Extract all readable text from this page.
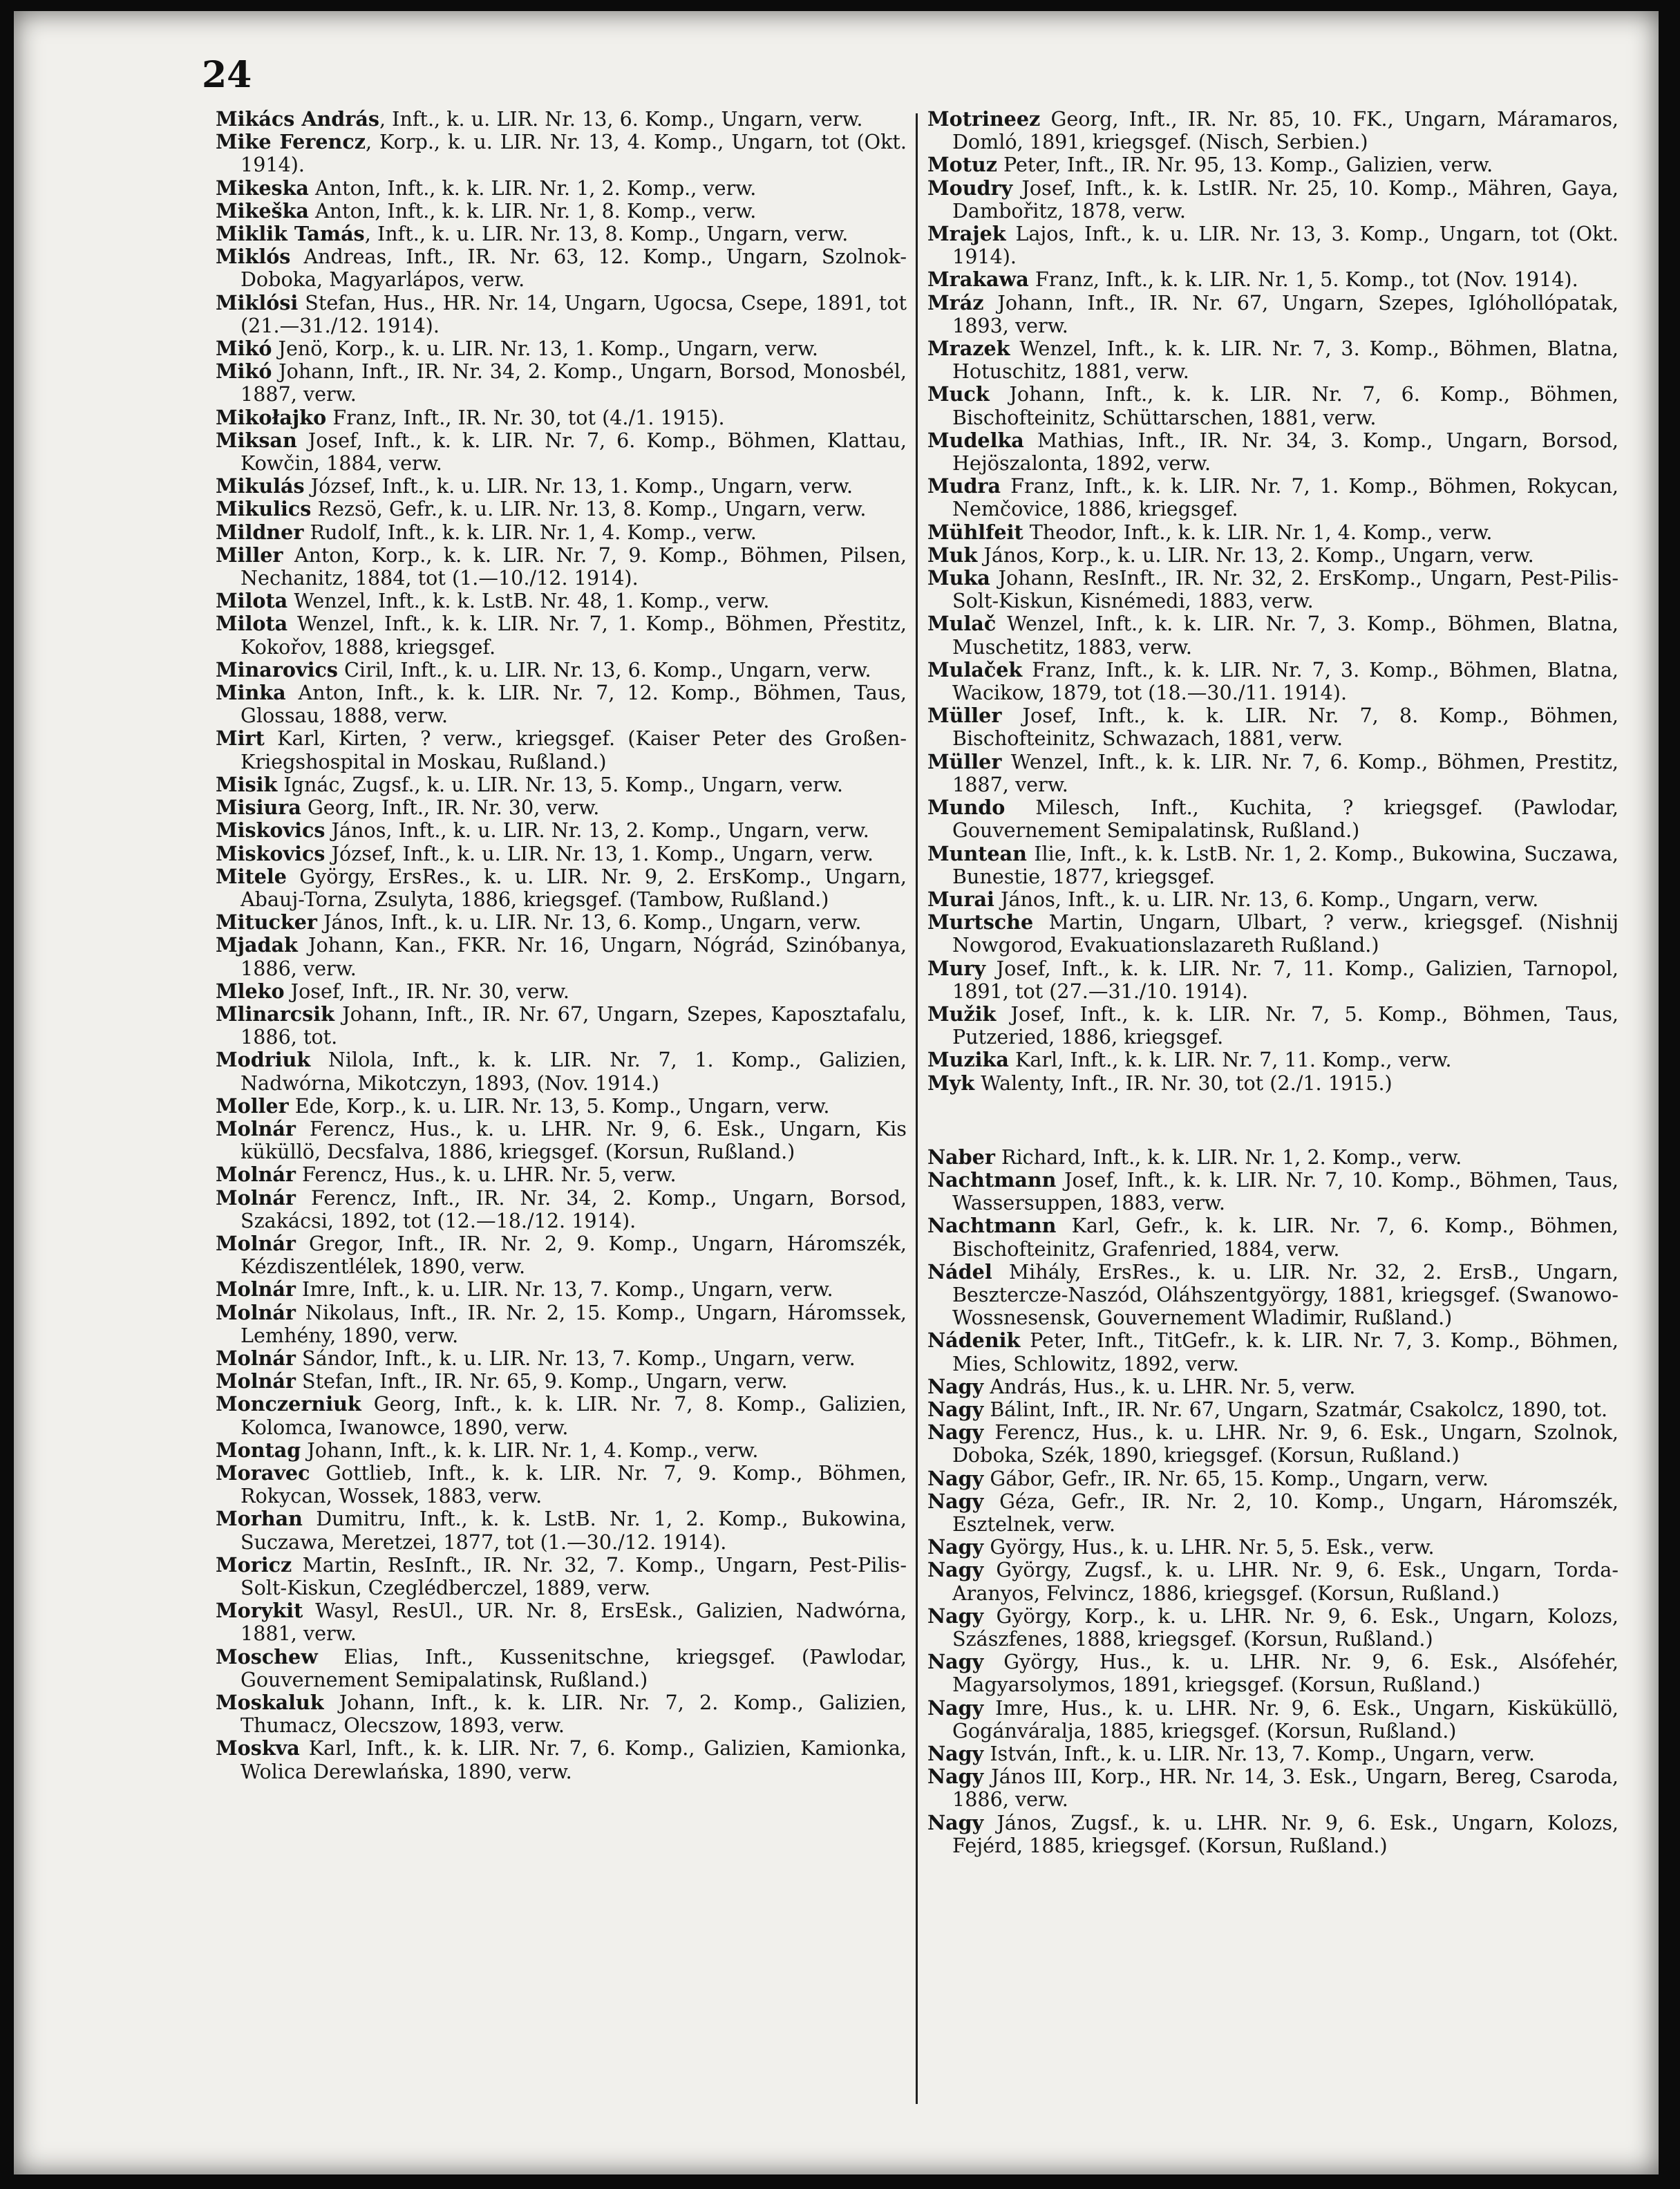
24

Mikács András, Inft., k. u. LIR. Nr. 13, 6. Komp., Ungarn, verw.

Mike Ferencz, Korp., k. u. LIR. Nr. 13, 4. Komp., Ungarn, tot (Okt. 1914).

Mikeska Anton, Inft., k. k. LIR. Nr. 1, 2. Komp., verw.

Mikeška Anton, Inft., k. k. LIR. Nr. 1, 8. Komp., verw.

Miklik Tamás, Inft., k. u. LIR. Nr. 13, 8. Komp., Ungarn, verw.

Miklós Andreas, Inft., IR. Nr. 63, 12. Komp., Ungarn, Szolnok-Doboka, Magyarlápos, verw.

Miklósi Stefan, Hus., HR. Nr. 14, Ungarn, Ugocsa, Csepe, 1891, tot (21.—31./12. 1914).

Mikó Jenö, Korp., k. u. LIR. Nr. 13, 1. Komp., Ungarn, verw.

Mikó Johann, Inft., IR. Nr. 34, 2. Komp., Ungarn, Borsod, Monosbél, 1887, verw.

Mikołajko Franz, Inft., IR. Nr. 30, tot (4./1. 1915).

Miksan Josef, Inft., k. k. LIR. Nr. 7, 6. Komp., Böhmen, Klattau, Kowčin, 1884, verw.

Mikulás József, Inft., k. u. LIR. Nr. 13, 1. Komp., Ungarn, verw.

Mikulics Rezsö, Gefr., k. u. LIR. Nr. 13, 8. Komp., Ungarn, verw.

Mildner Rudolf, Inft., k. k. LIR. Nr. 1, 4. Komp., verw.

Miller Anton, Korp., k. k. LIR. Nr. 7, 9. Komp., Böhmen, Pilsen, Nechanitz, 1884, tot (1.—10./12. 1914).

Milota Wenzel, Inft., k. k. LstB. Nr. 48, 1. Komp., verw.

Milota Wenzel, Inft., k. k. LIR. Nr. 7, 1. Komp., Böhmen, Přestitz, Kokořov, 1888, kriegsgef.

Minarovics Ciril, Inft., k. u. LIR. Nr. 13, 6. Komp., Ungarn, verw.

Minka Anton, Inft., k. k. LIR. Nr. 7, 12. Komp., Böhmen, Taus, Glossau, 1888, verw.

Mirt Karl, Kirten, ? verw., kriegsgef. (Kaiser Peter des Großen-Kriegshospital in Moskau, Rußland.)

Misik Ignác, Zugsf., k. u. LIR. Nr. 13, 5. Komp., Ungarn, verw.

Misiura Georg, Inft., IR. Nr. 30, verw.

Miskovics János, Inft., k. u. LIR. Nr. 13, 2. Komp., Ungarn, verw.

Miskovics József, Inft., k. u. LIR. Nr. 13, 1. Komp., Ungarn, verw.

Mitele György, ErsRes., k. u. LIR. Nr. 9, 2. ErsKomp., Ungarn, Abauj-Torna, Zsulyta, 1886, kriegsgef. (Tambow, Rußland.)

Mitucker János, Inft., k. u. LIR. Nr. 13, 6. Komp., Ungarn, verw.

Mjadak Johann, Kan., FKR. Nr. 16, Ungarn, Nógrád, Szinóbanya, 1886, verw.

Mleko Josef, Inft., IR. Nr. 30, verw.

Mlinarcsik Johann, Inft., IR. Nr. 67, Ungarn, Szepes, Kaposztafalu, 1886, tot.

Modriuk Nilola, Inft., k. k. LIR. Nr. 7, 1. Komp., Galizien, Nadwórna, Mikotczyn, 1893, (Nov. 1914.)

Moller Ede, Korp., k. u. LIR. Nr. 13, 5. Komp., Ungarn, verw.

Molnár Ferencz, Hus., k. u. LHR. Nr. 9, 6. Esk., Ungarn, Kis küküllö, Decsfalva, 1886, kriegsgef. (Korsun, Rußland.)

Molnár Ferencz, Hus., k. u. LHR. Nr. 5, verw.

Molnár Ferencz, Inft., IR. Nr. 34, 2. Komp., Ungarn, Borsod, Szakácsi, 1892, tot (12.—18./12. 1914).

Molnár Gregor, Inft., IR. Nr. 2, 9. Komp., Ungarn, Háromszék, Kézdiszentlélek, 1890, verw.

Molnár Imre, Inft., k. u. LIR. Nr. 13, 7. Komp., Ungarn, verw.

Molnár Nikolaus, Inft., IR. Nr. 2, 15. Komp., Ungarn, Háromssek, Lemhény, 1890, verw.

Molnár Sándor, Inft., k. u. LIR. Nr. 13, 7. Komp., Ungarn, verw.

Molnár Stefan, Inft., IR. Nr. 65, 9. Komp., Ungarn, verw.

Monczerniuk Georg, Inft., k. k. LIR. Nr. 7, 8. Komp., Galizien, Kolomca, Iwanowce, 1890, verw.

Montag Johann, Inft., k. k. LIR. Nr. 1, 4. Komp., verw.

Moravec Gottlieb, Inft., k. k. LIR. Nr. 7, 9. Komp., Böhmen, Rokycan, Wossek, 1883, verw.

Morhan Dumitru, Inft., k. k. LstB. Nr. 1, 2. Komp., Bukowina, Suczawa, Meretzei, 1877, tot (1.—30./12. 1914).

Moricz Martin, ResInft., IR. Nr. 32, 7. Komp., Ungarn, Pest-Pilis-Solt-Kiskun, Czeglédberczel, 1889, verw.

Morykit Wasyl, ResUl., UR. Nr. 8, ErsEsk., Galizien, Nadwórna, 1881, verw.

Moschew Elias, Inft., Kussenitschne, kriegsgef. (Pawlodar, Gouvernement Semipalatinsk, Rußland.)

Moskaluk Johann, Inft., k. k. LIR. Nr. 7, 2. Komp., Galizien, Thumacz, Olecszow, 1893, verw.

Moskva Karl, Inft., k. k. LIR. Nr. 7, 6. Komp., Galizien, Kamionka, Wolica Derewlańska, 1890, verw.

Motrineez Georg, Inft., IR. Nr. 85, 10. FK., Ungarn, Máramaros, Domló, 1891, kriegsgef. (Nisch, Serbien.)

Motuz Peter, Inft., IR. Nr. 95, 13. Komp., Galizien, verw.

Moudry Josef, Inft., k. k. LstIR. Nr. 25, 10. Komp., Mähren, Gaya, Dambořitz, 1878, verw.

Mrajek Lajos, Inft., k. u. LIR. Nr. 13, 3. Komp., Ungarn, tot (Okt. 1914).

Mrakawa Franz, Inft., k. k. LIR. Nr. 1, 5. Komp., tot (Nov. 1914).

Mráz Johann, Inft., IR. Nr. 67, Ungarn, Szepes, Iglóhollópatak, 1893, verw.

Mrazek Wenzel, Inft., k. k. LIR. Nr. 7, 3. Komp., Böhmen, Blatna, Hotuschitz, 1881, verw.

Muck Johann, Inft., k. k. LIR. Nr. 7, 6. Komp., Böhmen, Bischofteinitz, Schüttarschen, 1881, verw.

Mudelka Mathias, Inft., IR. Nr. 34, 3. Komp., Ungarn, Borsod, Hejöszalonta, 1892, verw.

Mudra Franz, Inft., k. k. LIR. Nr. 7, 1. Komp., Böhmen, Rokycan, Nemčovice, 1886, kriegsgef.

Mühlfeit Theodor, Inft., k. k. LIR. Nr. 1, 4. Komp., verw.

Muk János, Korp., k. u. LIR. Nr. 13, 2. Komp., Ungarn, verw.

Muka Johann, ResInft., IR. Nr. 32, 2. ErsKomp., Ungarn, Pest-Pilis-Solt-Kiskun, Kisnémedi, 1883, verw.

Mulač Wenzel, Inft., k. k. LIR. Nr. 7, 3. Komp., Böhmen, Blatna, Muschetitz, 1883, verw.

Mulaček Franz, Inft., k. k. LIR. Nr. 7, 3. Komp., Böhmen, Blatna, Wacikow, 1879, tot (18.—30./11. 1914).

Müller Josef, Inft., k. k. LIR. Nr. 7, 8. Komp., Böhmen, Bischofteinitz, Schwazach, 1881, verw.

Müller Wenzel, Inft., k. k. LIR. Nr. 7, 6. Komp., Böhmen, Prestitz, 1887, verw.

Mundo Milesch, Inft., Kuchita, ? kriegsgef. (Pawlodar, Gouvernement Semipalatinsk, Rußland.)

Muntean Ilie, Inft., k. k. LstB. Nr. 1, 2. Komp., Bukowina, Suczawa, Bunestie, 1877, kriegsgef.

Murai János, Inft., k. u. LIR. Nr. 13, 6. Komp., Ungarn, verw.

Murtsche Martin, Ungarn, Ulbart, ? verw., kriegsgef. (Nishnij Nowgorod, Evakuationslazareth Rußland.)

Mury Josef, Inft., k. k. LIR. Nr. 7, 11. Komp., Galizien, Tarnopol, 1891, tot (27.—31./10. 1914).

Mužik Josef, Inft., k. k. LIR. Nr. 7, 5. Komp., Böhmen, Taus, Putzeried, 1886, kriegsgef.

Muzika Karl, Inft., k. k. LIR. Nr. 7, 11. Komp., verw.

Myk Walenty, Inft., IR. Nr. 30, tot (2./1. 1915.)

Naber Richard, Inft., k. k. LIR. Nr. 1, 2. Komp., verw.

Nachtmann Josef, Inft., k. k. LIR. Nr. 7, 10. Komp., Böhmen, Taus, Wassersuppen, 1883, verw.

Nachtmann Karl, Gefr., k. k. LIR. Nr. 7, 6. Komp., Böhmen, Bischofteinitz, Grafenried, 1884, verw.

Nádel Mihály, ErsRes., k. u. LIR. Nr. 32, 2. ErsB., Ungarn, Besztercze-Naszód, Oláhszentgyörgy, 1881, kriegsgef. (Swanowo-Wossnesensk, Gouvernement Wladimir, Rußland.)

Nádenik Peter, Inft., TitGefr., k. k. LIR. Nr. 7, 3. Komp., Böhmen, Mies, Schlowitz, 1892, verw.

Nagy András, Hus., k. u. LHR. Nr. 5, verw.

Nagy Bálint, Inft., IR. Nr. 67, Ungarn, Szatmár, Csakolcz, 1890, tot.

Nagy Ferencz, Hus., k. u. LHR. Nr. 9, 6. Esk., Ungarn, Szolnok, Doboka, Szék, 1890, kriegsgef. (Korsun, Rußland.)

Nagy Gábor, Gefr., IR. Nr. 65, 15. Komp., Ungarn, verw.

Nagy Géza, Gefr., IR. Nr. 2, 10. Komp., Ungarn, Háromszék, Esztelnek, verw.

Nagy György, Hus., k. u. LHR. Nr. 5, 5. Esk., verw.

Nagy György, Zugsf., k. u. LHR. Nr. 9, 6. Esk., Ungarn, Torda-Aranyos, Felvincz, 1886, kriegsgef. (Korsun, Rußland.)

Nagy György, Korp., k. u. LHR. Nr. 9, 6. Esk., Ungarn, Kolozs, Szászfenes, 1888, kriegsgef. (Korsun, Rußland.)

Nagy György, Hus., k. u. LHR. Nr. 9, 6. Esk., Alsófehér, Magyarsolymos, 1891, kriegsgef. (Korsun, Rußland.)

Nagy Imre, Hus., k. u. LHR. Nr. 9, 6. Esk., Ungarn, Kisküküllö, Gogánváralja, 1885, kriegsgef. (Korsun, Rußland.)

Nagy István, Inft., k. u. LIR. Nr. 13, 7. Komp., Ungarn, verw.

Nagy János III, Korp., HR. Nr. 14, 3. Esk., Ungarn, Bereg, Csaroda, 1886, verw.

Nagy János, Zugsf., k. u. LHR. Nr. 9, 6. Esk., Ungarn, Kolozs, Fejérd, 1885, kriegsgef. (Korsun, Rußland.)
